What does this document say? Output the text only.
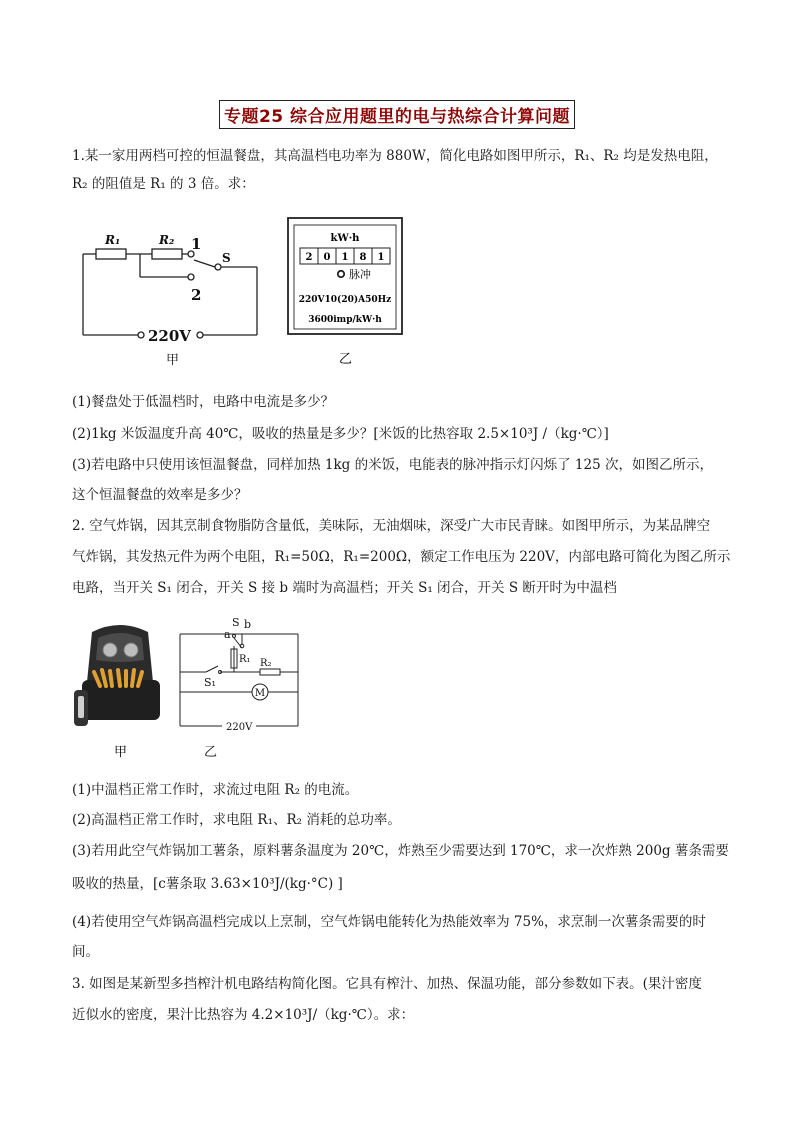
专题25 综合应用题里的电与热综合计算问题
1.某一家用两档可控的恒温餐盘，其高温档电功率为 880W，简化电路如图甲所示，R₁、R₂ 均是发热电阻，
R₂ 的阻值是 R₁ 的 3 倍。求：
R₁	R₂ 1
2
S
220V
甲
kW·h
2 0 1 8 1
脉冲
220V10(20)A50Hz
3600imp/kW·h
乙
(1)餐盘处于低温档时，电路中电流是多少？
(2)1kg 米饭温度升高 40℃，吸收的热量是多少？[米饭的比热容取 2.5×10³J /（kg·℃）]
(3)若电路中只使用该恒温餐盘，同样加热 1kg 的米饭，电能表的脉冲指示灯闪烁了 125 次，如图乙所示，
这个恒温餐盘的效率是多少？
2. 空气炸锅，因其烹制食物脂防含量低，美味际，无油烟味，深受广大市民青睐。如图甲所示，为某品牌空
气炸锅，其发热元件为两个电阻，R₁=50Ω，R₁=200Ω，额定工作电压为 220V，内部电路可简化为图乙所示
电路，当开关 S₁ 闭合，开关 S 接 b 端时为高温档；开关 S₁ 闭合，开关 S 断开时为中温档
甲
S b
a
R₁ R₂
S₁
M
220V
乙
(1)中温档正常工作时，求流过电阻 R₂ 的电流。
(2)高温档正常工作时，求电阻 R₁、R₂ 消耗的总功率。
(3)若用此空气炸锅加工薯条，原料薯条温度为 20℃，炸熟至少需要达到 170℃，求一次炸熟 200g 薯条需要
吸收的热量，[c薯条取 3.63×10³J/(kg·°C) ]
(4)若使用空气炸锅高温档完成以上烹制，空气炸锅电能转化为热能效率为 75%，求烹制一次薯条需要的时
间。
3. 如图是某新型多挡榨汁机电路结构简化图。它具有榨汁、加热、保温功能，部分参数如下表。(果汁密度
近似水的密度，果汁比热容为 4.2×10³J/（kg·℃）。求：
